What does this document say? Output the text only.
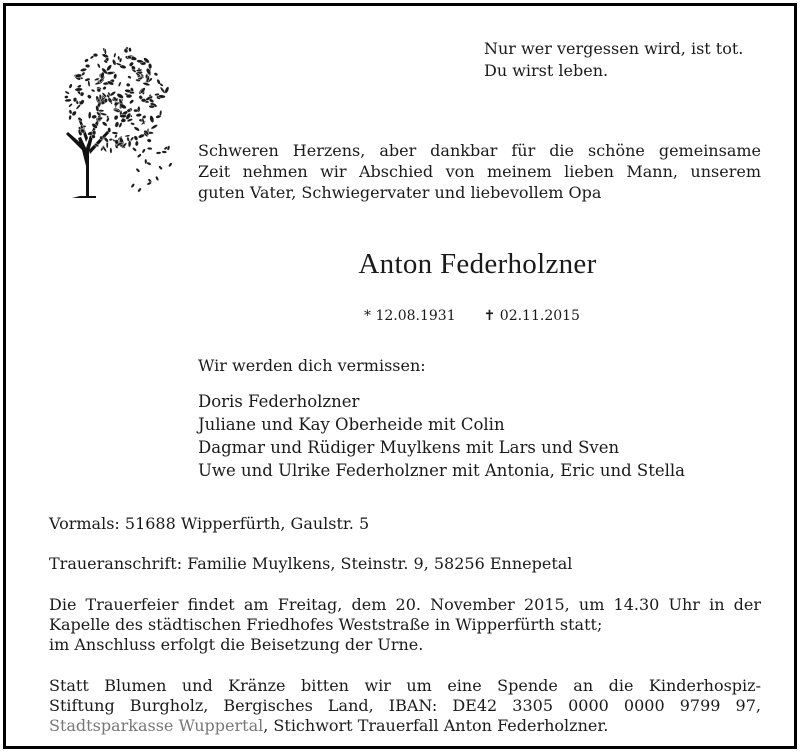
Nur wer vergessen wird, ist tot.
Du wirst leben.
Schweren Herzens, aber dankbar für die schöne gemeinsame
Zeit nehmen wir Abschied von meinem lieben Mann, unserem
guten Vater, Schwiegervater und liebevollem Opa
Anton Federholzner
* 12.08.1931 ✝ 02.11.2015
Wir werden dich vermissen:
Doris Federholzner
Juliane und Kay Oberheide mit Colin
Dagmar und Rüdiger Muylkens mit Lars und Sven
Uwe und Ulrike Federholzner mit Antonia, Eric und Stella
Vormals: 51688 Wipperfürth, Gaulstr. 5
Traueranschrift: Familie Muylkens, Steinstr. 9, 58256 Ennepetal
Die Trauerfeier findet am Freitag, dem 20. November 2015, um 14.30 Uhr in der
Kapelle des städtischen Friedhofes Weststraße in Wipperfürth statt;
im Anschluss erfolgt die Beisetzung der Urne.
Statt Blumen und Kränze bitten wir um eine Spende an die Kinderhospiz-
Stiftung Burgholz, Bergisches Land, IBAN: DE42 3305 0000 0000 9799 97,
Stadtsparkasse Wuppertal, Stichwort Trauerfall Anton Federholzner.
